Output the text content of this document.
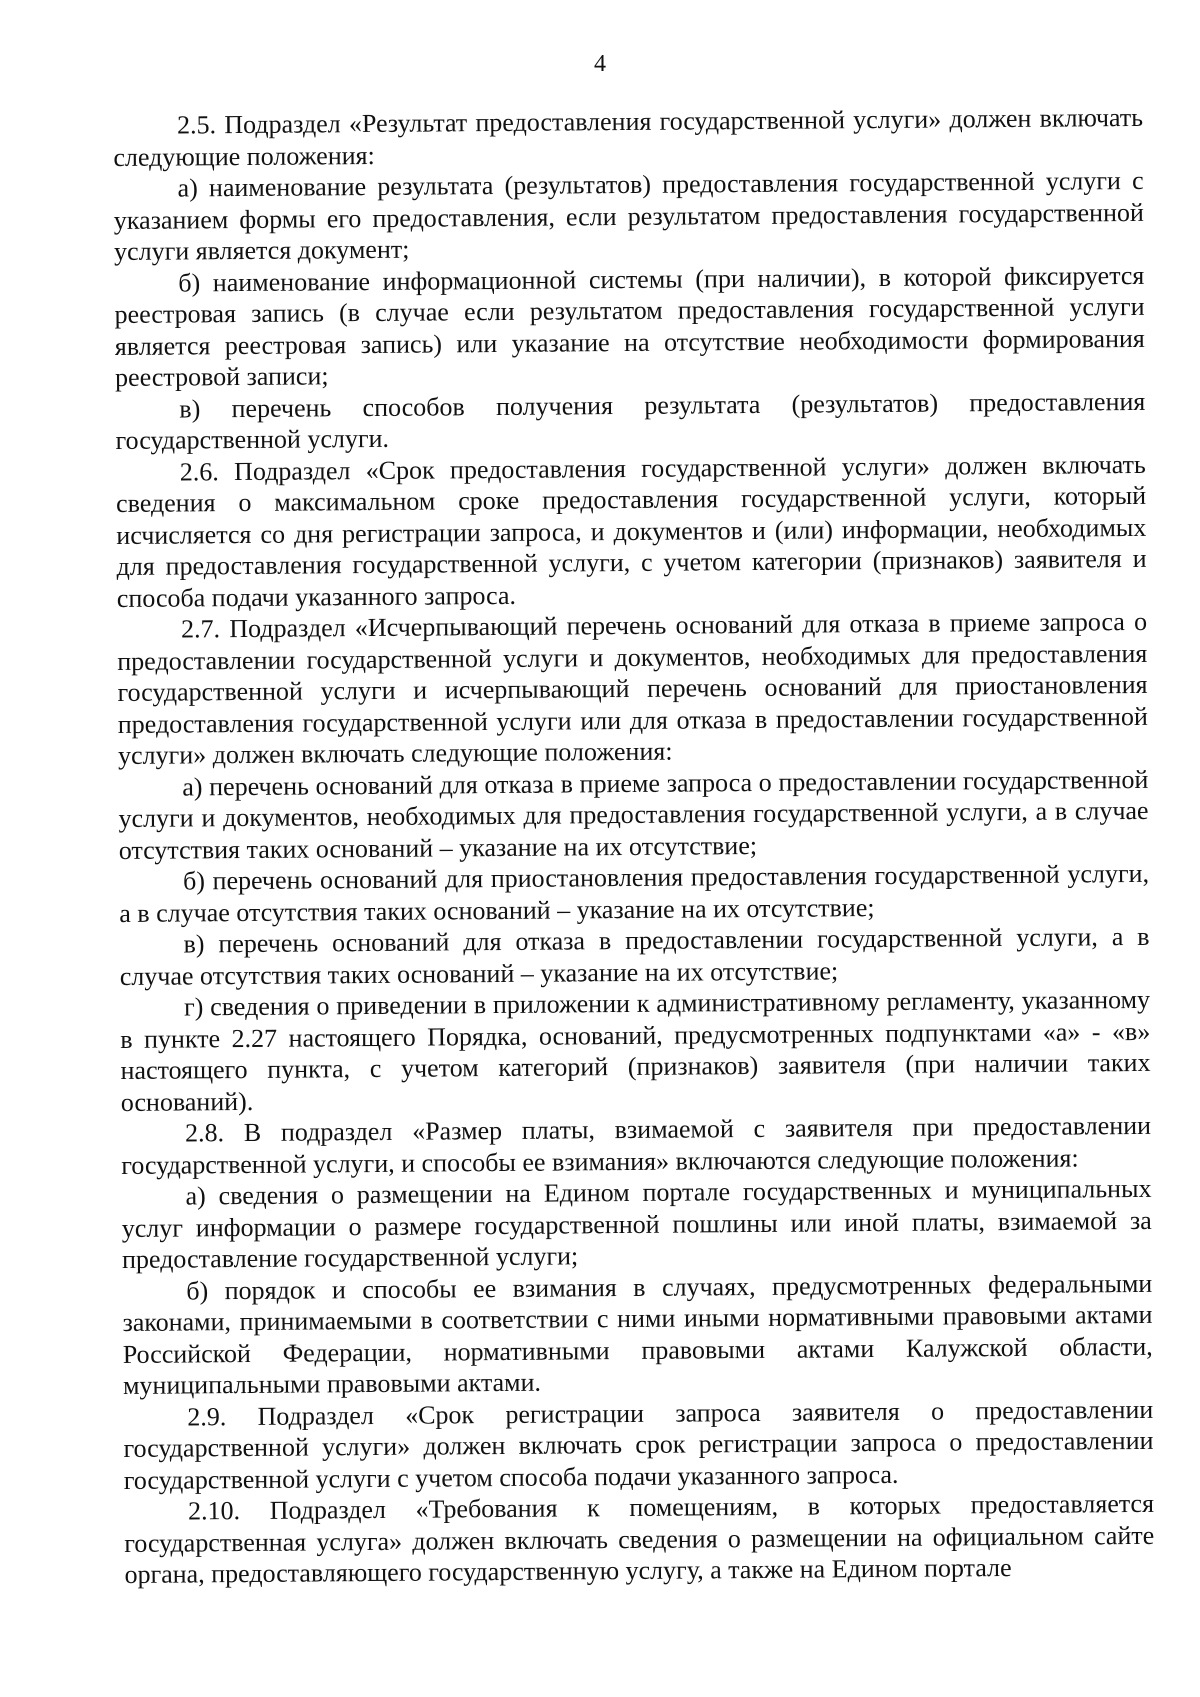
4

2.5. Подраздел «Результат предоставления государственной услуги» должен включать следующие положения:

а) наименование результата (результатов) предоставления государственной услуги с указанием формы его предоставления, если результатом предоставления государственной услуги является документ;

б) наименование информационной системы (при наличии), в которой фиксируется реестровая запись (в случае если результатом предоставления государственной услуги является реестровая запись) или указание на отсутствие необходимости формирования реестровой записи;

в) перечень способов получения результата (результатов) предоставления государственной услуги.

2.6. Подраздел «Срок предоставления государственной услуги» должен включать сведения о максимальном сроке предоставления государственной услуги, который исчисляется со дня регистрации запроса, и документов и (или) информации, необходимых для предоставления государственной услуги, с учетом категории (признаков) заявителя и способа подачи указанного запроса.

2.7. Подраздел «Исчерпывающий перечень оснований для отказа в приеме запроса о предоставлении государственной услуги и документов, необходимых для предоставления государственной услуги и исчерпывающий перечень оснований для приостановления предоставления государственной услуги или для отказа в предоставлении государственной услуги» должен включать следующие положения:

а) перечень оснований для отказа в приеме запроса о предоставлении государственной услуги и документов, необходимых для предоставления государственной услуги, а в случае отсутствия таких оснований – указание на их отсутствие;

б) перечень оснований для приостановления предоставления государственной услуги, а в случае отсутствия таких оснований – указание на их отсутствие;

в) перечень оснований для отказа в предоставлении государственной услуги, а в случае отсутствия таких оснований – указание на их отсутствие;

г) сведения о приведении в приложении к административному регламенту, указанному в пункте 2.27 настоящего Порядка, оснований, предусмотренных подпунктами «а» - «в» настоящего пункта, с учетом категорий (признаков) заявителя (при наличии таких оснований).

2.8. В подраздел «Размер платы, взимаемой с заявителя при предоставлении государственной услуги, и способы ее взимания» включаются следующие положения:

а) сведения о размещении на Едином портале государственных и муниципальных услуг информации о размере государственной пошлины или иной платы, взимаемой за предоставление государственной услуги;

б) порядок и способы ее взимания в случаях, предусмотренных федеральными законами, принимаемыми в соответствии с ними иными нормативными правовыми актами Российской Федерации, нормативными правовыми актами Калужской области, муниципальными правовыми актами.

2.9. Подраздел «Срок регистрации запроса заявителя о предоставлении государственной услуги» должен включать срок регистрации запроса о предоставлении государственной услуги с учетом способа подачи указанного запроса.

2.10. Подраздел «Требования к помещениям, в которых предоставляется государственная услуга» должен включать сведения о размещении на официальном сайте органа, предоставляющего государственную услугу, а также на Едином портале
